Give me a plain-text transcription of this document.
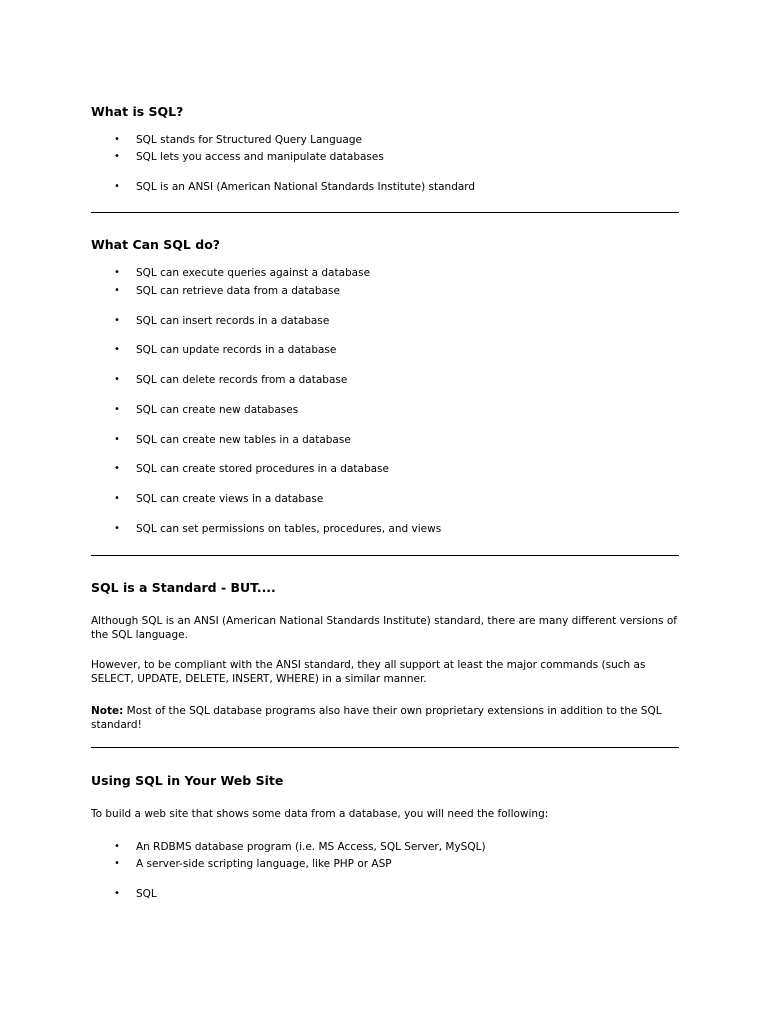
What is SQL?
• SQL stands for Structured Query Language
• SQL lets you access and manipulate databases
• SQL is an ANSI (American National Standards Institute) standard
What Can SQL do?
• SQL can execute queries against a database
• SQL can retrieve data from a database
• SQL can insert records in a database
• SQL can update records in a database
• SQL can delete records from a database
• SQL can create new databases
• SQL can create new tables in a database
• SQL can create stored procedures in a database
• SQL can create views in a database
• SQL can set permissions on tables, procedures, and views
SQL is a Standard - BUT....
Although SQL is an ANSI (American National Standards Institute) standard, there are many different versions of the SQL language.
However, to be compliant with the ANSI standard, they all support at least the major commands (such as SELECT, UPDATE, DELETE, INSERT, WHERE) in a similar manner.
Note: Most of the SQL database programs also have their own proprietary extensions in addition to the SQL standard!
Using SQL in Your Web Site
To build a web site that shows some data from a database, you will need the following:
• An RDBMS database program (i.e. MS Access, SQL Server, MySQL)
• A server-side scripting language, like PHP or ASP
• SQL
